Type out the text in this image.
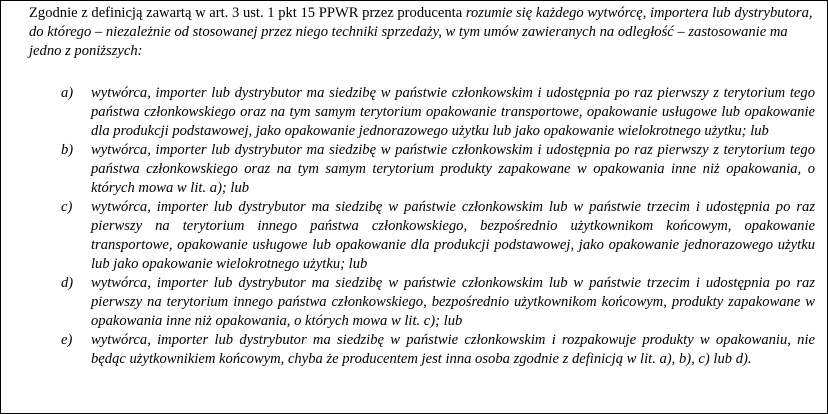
Zgodnie z definicją zawartą w art. 3 ust. 1 pkt 15 PPWR przez producenta rozumie się każdego wytwórcę, importera lub dystrybutora, do którego – niezależnie od stosowanej przez niego techniki sprzedaży, w tym umów zawieranych na odległość – zastosowanie ma jedno z poniższych:

a)	wytwórca, importer lub dystrybutor ma siedzibę w państwie członkowskim i udostępnia po raz pierwszy z terytorium tego państwa członkowskiego oraz na tym samym terytorium opakowanie transportowe, opakowanie usługowe lub opakowanie dla produkcji podstawowej, jako opakowanie jednorazowego użytku lub jako opakowanie wielokrotnego użytku; lub
b)	wytwórca, importer lub dystrybutor ma siedzibę w państwie członkowskim i udostępnia po raz pierwszy z terytorium tego państwa członkowskiego oraz na tym samym terytorium produkty zapakowane w opakowania inne niż opakowania, o których mowa w lit. a); lub
c)	wytwórca, importer lub dystrybutor ma siedzibę w państwie członkowskim lub w państwie trzecim i udostępnia po raz pierwszy na terytorium innego państwa członkowskiego, bezpośrednio użytkownikom końcowym, opakowanie transportowe, opakowanie usługowe lub opakowanie dla produkcji podstawowej, jako opakowanie jednorazowego użytku lub jako opakowanie wielokrotnego użytku; lub
d)	wytwórca, importer lub dystrybutor ma siedzibę w państwie członkowskim lub w państwie trzecim i udostępnia po raz pierwszy na terytorium innego państwa członkowskiego, bezpośrednio użytkownikom końcowym, produkty zapakowane w opakowania inne niż opakowania, o których mowa w lit. c); lub
e)	wytwórca, importer lub dystrybutor ma siedzibę w państwie członkowskim i rozpakowuje produkty w opakowaniu, nie będąc użytkownikiem końcowym, chyba że producentem jest inna osoba zgodnie z definicją w lit. a), b), c) lub d).
